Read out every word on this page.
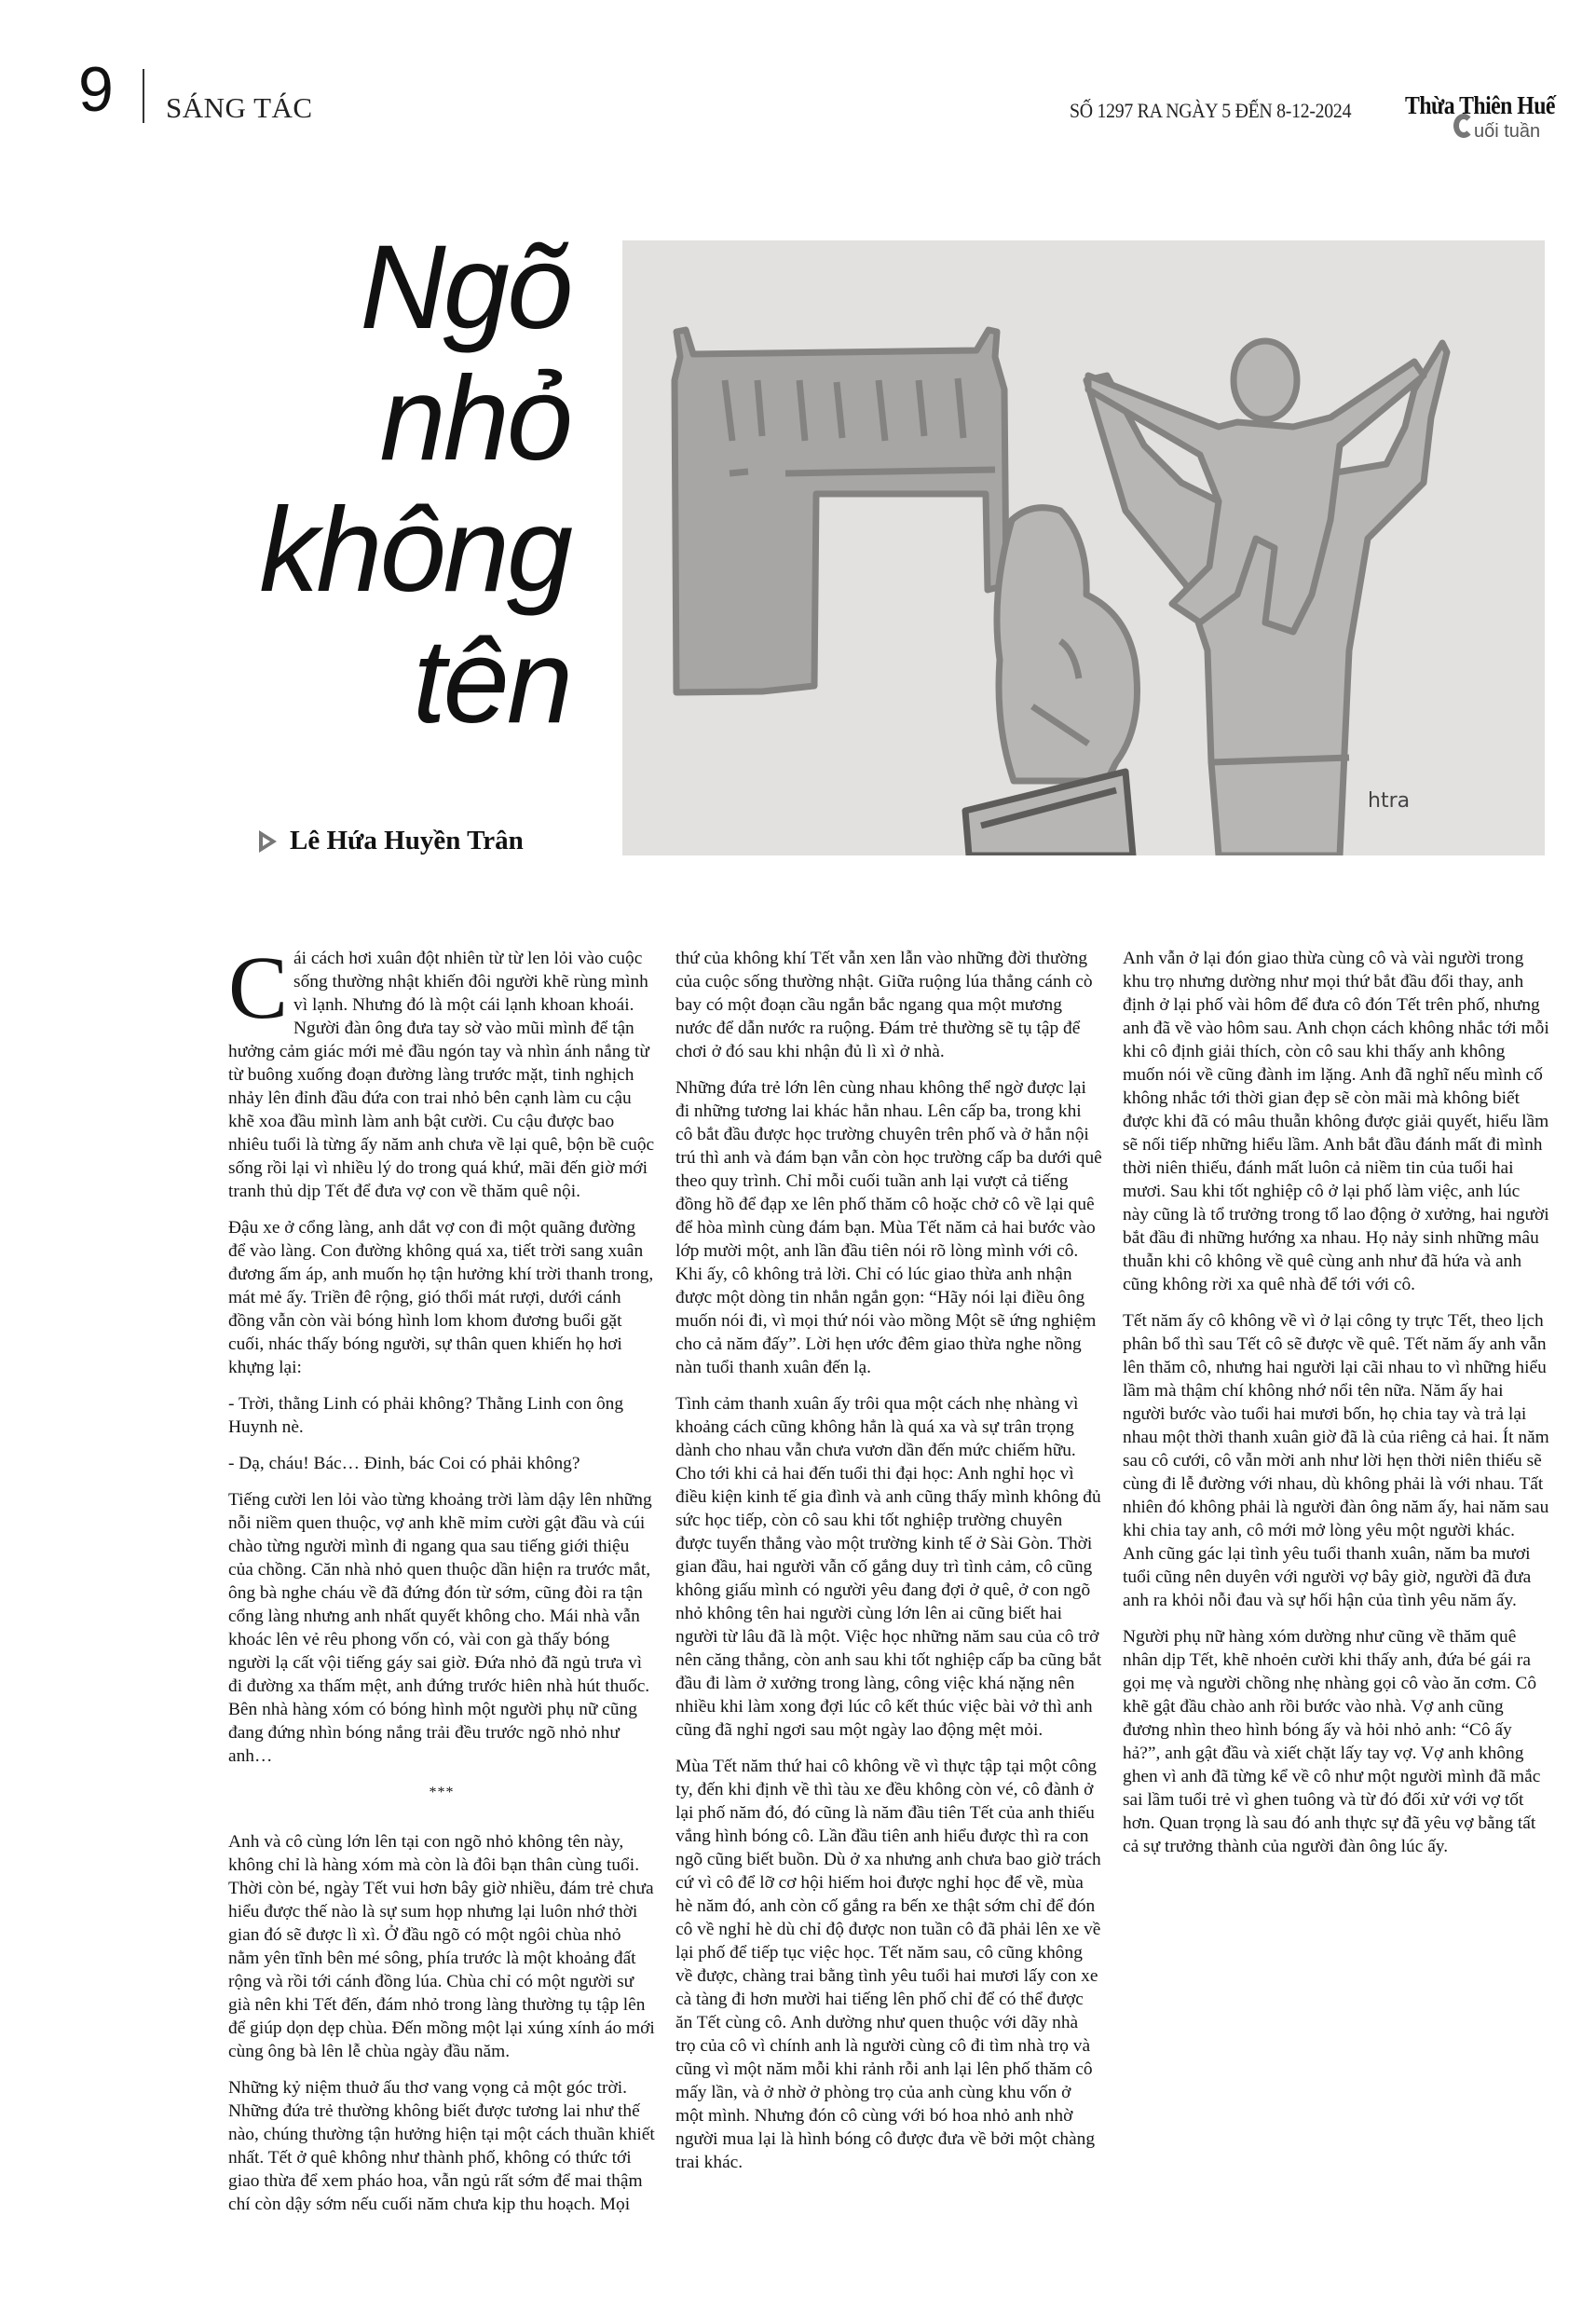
9 SÁNG TÁC	SỐ 1297 RA NGÀY 5 ĐẾN 8-12-2024 Thừa Thiên Huế
uối tuần
Ngõ
nhỏ
không
tên
Lê Hứa Huyền Trân
htra

Cái cách hơi xuân đột nhiên từ từ len lỏi vào cuộc sống thường nhật khiến đôi người khẽ rùng mình vì lạnh. Nhưng đó là một cái lạnh khoan khoái. Người đàn ông đưa tay sờ vào mũi mình để tận hưởng cảm giác mới mẻ đầu ngón tay và nhìn ánh nắng từ từ buông xuống đoạn đường làng trước mặt, tinh nghịch nhảy lên đỉnh đầu đứa con trai nhỏ bên cạnh làm cu cậu khẽ xoa đầu mình làm anh bật cười. Cu cậu được bao nhiêu tuổi là từng ấy năm anh chưa về lại quê, bộn bề cuộc sống rồi lại vì nhiều lý do trong quá khứ, mãi đến giờ mới tranh thủ dịp Tết để đưa vợ con về thăm quê nội.

Đậu xe ở cổng làng, anh dắt vợ con đi một quãng đường để vào làng. Con đường không quá xa, tiết trời sang xuân đương ấm áp, anh muốn họ tận hưởng khí trời thanh trong, mát mẻ ấy. Triền đê rộng, gió thổi mát rượi, dưới cánh đồng vẫn còn vài bóng hình lom khom đương buổi gặt cuối, nhác thấy bóng người, sự thân quen khiến họ hơi khựng lại:

- Trời, thằng Linh có phải không? Thằng Linh con ông Huynh nè.

- Dạ, cháu! Bác… Đinh, bác Coi có phải không?

Tiếng cười len lỏi vào từng khoảng trời làm dậy lên những nỗi niềm quen thuộc, vợ anh khẽ mỉm cười gật đầu và cúi chào từng người mình đi ngang qua sau tiếng giới thiệu của chồng. Căn nhà nhỏ quen thuộc dần hiện ra trước mắt, ông bà nghe cháu về đã đứng đón từ sớm, cũng đòi ra tận cổng làng nhưng anh nhất quyết không cho. Mái nhà vẫn khoác lên vẻ rêu phong vốn có, vài con gà thấy bóng người lạ cất vội tiếng gáy sai giờ. Đứa nhỏ đã ngủ trưa vì đi đường xa thấm mệt, anh đứng trước hiên nhà hút thuốc. Bên nhà hàng xóm có bóng hình một người phụ nữ cũng đang đứng nhìn bóng nắng trải đều trước ngõ nhỏ như anh…

***

Anh và cô cùng lớn lên tại con ngõ nhỏ không tên này, không chỉ là hàng xóm mà còn là đôi bạn thân cùng tuổi. Thời còn bé, ngày Tết vui hơn bây giờ nhiều, đám trẻ chưa hiểu được thế nào là sự sum họp nhưng lại luôn nhớ thời gian đó sẽ được lì xì. Ở đầu ngõ có một ngôi chùa nhỏ nằm yên tĩnh bên mé sông, phía trước là một khoảng đất rộng và rồi tới cánh đồng lúa. Chùa chỉ có một người sư già nên khi Tết đến, đám nhỏ trong làng thường tụ tập lên để giúp dọn dẹp chùa. Đến mồng một lại xúng xính áo mới cùng ông bà lên lễ chùa ngày đầu năm.

Những kỷ niệm thuở ấu thơ vang vọng cả một góc trời. Những đứa trẻ thường không biết được tương lai như thế nào, chúng thường tận hưởng hiện tại một cách thuần khiết nhất. Tết ở quê không như thành phố, không có thức tới giao thừa để xem pháo hoa, vẫn ngủ rất sớm để mai thậm chí còn dậy sớm nếu cuối năm chưa kịp thu hoạch. Mọi thứ của không khí Tết vẫn xen lẫn vào những đời thường của cuộc sống thường nhật. Giữa ruộng lúa thẳng cánh cò bay có một đoạn cầu ngắn bắc ngang qua một mương nước để dẫn nước ra ruộng. Đám trẻ thường sẽ tụ tập để chơi ở đó sau khi nhận đủ lì xì ở nhà.

Những đứa trẻ lớn lên cùng nhau không thể ngờ được lại đi những tương lai khác hẳn nhau. Lên cấp ba, trong khi cô bắt đầu được học trường chuyên trên phố và ở hẳn nội trú thì anh và đám bạn vẫn còn học trường cấp ba dưới quê theo quy trình. Chỉ mỗi cuối tuần anh lại vượt cả tiếng đồng hồ để đạp xe lên phố thăm cô hoặc chở cô về lại quê để hòa mình cùng đám bạn. Mùa Tết năm cả hai bước vào lớp mười một, anh lần đầu tiên nói rõ lòng mình với cô. Khi ấy, cô không trả lời. Chỉ có lúc giao thừa anh nhận được một dòng tin nhắn ngắn gọn: “Hãy nói lại điều ông muốn nói đi, vì mọi thứ nói vào mồng Một sẽ ứng nghiệm cho cả năm đấy”. Lời hẹn ước đêm giao thừa nghe nồng nàn tuổi thanh xuân đến lạ.

Tình cảm thanh xuân ấy trôi qua một cách nhẹ nhàng vì khoảng cách cũng không hẳn là quá xa và sự trân trọng dành cho nhau vẫn chưa vươn dần đến mức chiếm hữu. Cho tới khi cả hai đến tuổi thi đại học: Anh nghỉ học vì điều kiện kinh tế gia đình và anh cũng thấy mình không đủ sức học tiếp, còn cô sau khi tốt nghiệp trường chuyên được tuyển thẳng vào một trường kinh tế ở Sài Gòn. Thời gian đầu, hai người vẫn cố gắng duy trì tình cảm, cô cũng không giấu mình có người yêu đang đợi ở quê, ở con ngõ nhỏ không tên hai người cùng lớn lên ai cũng biết hai người từ lâu đã là một. Việc học những năm sau của cô trở nên căng thẳng, còn anh sau khi tốt nghiệp cấp ba cũng bắt đầu đi làm ở xưởng trong làng, công việc khá nặng nên nhiều khi làm xong đợi lúc cô kết thúc việc bài vở thì anh cũng đã nghỉ ngơi sau một ngày lao động mệt mỏi.

Mùa Tết năm thứ hai cô không về vì thực tập tại một công ty, đến khi định về thì tàu xe đều không còn vé, cô đành ở lại phố năm đó, đó cũng là năm đầu tiên Tết của anh thiếu vắng hình bóng cô. Lần đầu tiên anh hiểu được thì ra con ngõ cũng biết buồn. Dù ở xa nhưng anh chưa bao giờ trách cứ vì cô để lỡ cơ hội hiếm hoi được nghỉ học để về, mùa hè năm đó, anh còn cố gắng ra bến xe thật sớm chỉ để đón cô về nghỉ hè dù chỉ độ được non tuần cô đã phải lên xe về lại phố để tiếp tục việc học. Tết năm sau, cô cũng không về được, chàng trai bằng tình yêu tuổi hai mươi lấy con xe cà tàng đi hơn mười hai tiếng lên phố chỉ để có thể được ăn Tết cùng cô. Anh dường như quen thuộc với dãy nhà trọ của cô vì chính anh là người cùng cô đi tìm nhà trọ và cũng vì một năm mỗi khi rảnh rỗi anh lại lên phố thăm cô mấy lần, và ở nhờ ở phòng trọ của anh cùng khu vốn ở một mình. Nhưng đón cô cùng với bó hoa nhỏ anh nhờ người mua lại là hình bóng cô được đưa về bởi một chàng trai khác.

Anh vẫn ở lại đón giao thừa cùng cô và vài người trong khu trọ nhưng dường như mọi thứ bắt đầu đổi thay, anh định ở lại phố vài hôm để đưa cô đón Tết trên phố, nhưng anh đã về vào hôm sau. Anh chọn cách không nhắc tới mỗi khi cô định giải thích, còn cô sau khi thấy anh không muốn nói về cũng đành im lặng. Anh đã nghĩ nếu mình cố không nhắc tới thời gian đẹp sẽ còn mãi mà không biết được khi đã có mâu thuẫn không được giải quyết, hiểu lầm sẽ nối tiếp những hiểu lầm. Anh bắt đầu đánh mất đi mình thời niên thiếu, đánh mất luôn cả niềm tin của tuổi hai mươi. Sau khi tốt nghiệp cô ở lại phố làm việc, anh lúc này cũng là tổ trưởng trong tổ lao động ở xưởng, hai người bắt đầu đi những hướng xa nhau. Họ nảy sinh những mâu thuẫn khi cô không về quê cùng anh như đã hứa và anh cũng không rời xa quê nhà để tới với cô.

Tết năm ấy cô không về vì ở lại công ty trực Tết, theo lịch phân bổ thì sau Tết cô sẽ được về quê. Tết năm ấy anh vẫn lên thăm cô, nhưng hai người lại cãi nhau to vì những hiểu lầm mà thậm chí không nhớ nổi tên nữa. Năm ấy hai người bước vào tuổi hai mươi bốn, họ chia tay và trả lại nhau một thời thanh xuân giờ đã là của riêng cả hai. Ít năm sau cô cưới, cô vẫn mời anh như lời hẹn thời niên thiếu sẽ cùng đi lễ đường với nhau, dù không phải là với nhau. Tất nhiên đó không phải là người đàn ông năm ấy, hai năm sau khi chia tay anh, cô mới mở lòng yêu một người khác. Anh cũng gác lại tình yêu tuổi thanh xuân, năm ba mươi tuổi cũng nên duyên với người vợ bây giờ, người đã đưa anh ra khỏi nỗi đau và sự hối hận của tình yêu năm ấy.

Người phụ nữ hàng xóm dường như cũng về thăm quê nhân dịp Tết, khẽ nhoẻn cười khi thấy anh, đứa bé gái ra gọi mẹ và người chồng nhẹ nhàng gọi cô vào ăn cơm. Cô khẽ gật đầu chào anh rồi bước vào nhà. Vợ anh cũng đương nhìn theo hình bóng ấy và hỏi nhỏ anh: “Cô ấy hả?”, anh gật đầu và xiết chặt lấy tay vợ. Vợ anh không ghen vì anh đã từng kể về cô như một người mình đã mắc sai lầm tuổi trẻ vì ghen tuông và từ đó đối xử với vợ tốt hơn. Quan trọng là sau đó anh thực sự đã yêu vợ bằng tất cả sự trưởng thành của người đàn ông lúc ấy.
